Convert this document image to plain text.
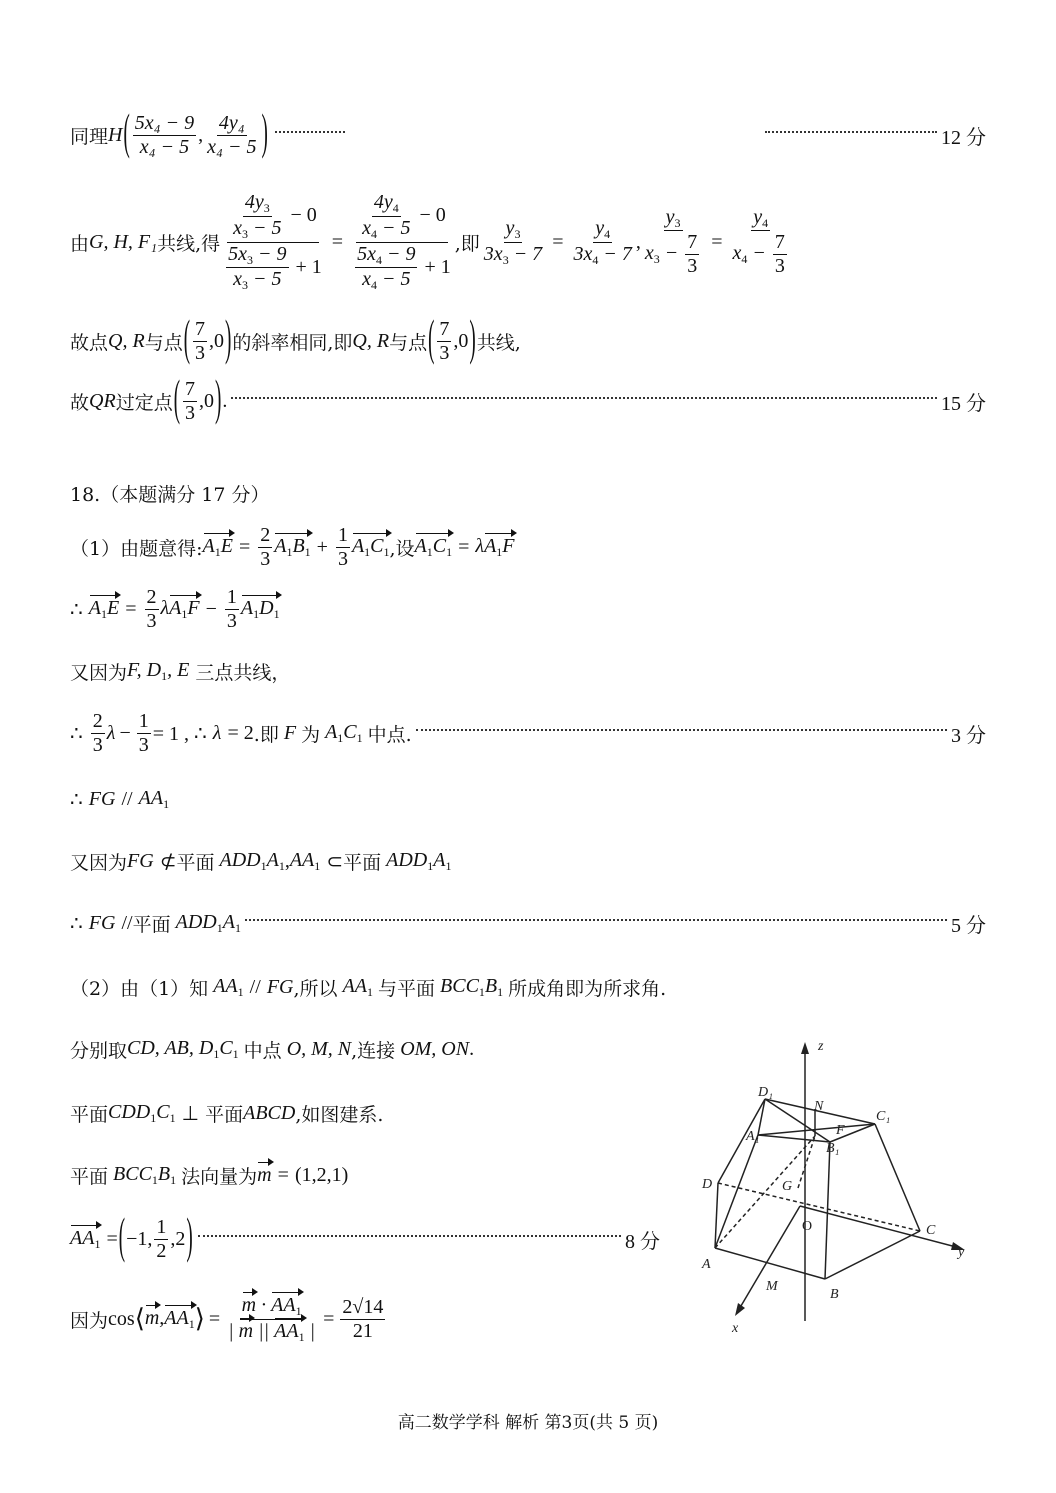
同理 H ( $\frac{\text{5x₄ − 9}}{\text{x₄ − 5}}$ , $\frac{\text{4y₄}}{\text{x₄ − 5}}$ )	12 分
由 G, H, F₁ 共线,得 $\frac{\frac{4y_3}{x_3 - 5} - 0}{\frac{5x_3 - 9}{x_3 - 5} + 1} = \frac{\frac{4y_4}{x_4 - 5} - 0}{\frac{5x_4 - 9}{x_4 - 5} + 1}$ ,即 $\frac{y_3}{3x_3 - 7} = \frac{y_4}{3x_4 - 7}$ , $\frac{y_3}{x_3 - \frac{7}{3}} = \frac{y_4}{x_4 - \frac{7}{3}}$
故点 Q, R 与点 ( $\frac{7}{3} ,0$ ) 的斜率相同,即 Q, R 与点 ( $\frac{7}{3} ,0$ ) 共线,
故 QR 过定点 ( $\frac{7}{3} ,0$ ) .	15 分
18.（本题满分 17 分）
（1）由题意得: $A_1E = \frac{2}{3} A_1B_1 + \frac{1}{3} A_1C_1$ ,设 $A_1C_1 = \lambda A_1F$
∴
$A_1E = \frac{2}{3} \lambda A_1F - \frac{1}{3} A_1D_1$
又因为 F, $D_1$, E
三点共线，
∴
$\frac{2}{3}$ $\lambda - \frac{1}{3} = 1$ , ∴
λ
= 2 .即 F 为 $A_1C_1$ 中点.	3 分
∴
FG
//
$AA_1$
又因为 FG
⊄ 平面 $ADD_1A_1$ , $AA_1$
⊂ 平面 $ADD_1A_1$
∴
FG
// 平面 $ADD_1A_1$	5 分
（2）由（1）知 $AA_1$
//
FG ,所以 $AA_1$ 与平面 $BCC_1B_1$ 所成角即为所求角.
分别取 CD, AB, $D_1C_1$ 中点 O, M, N ,连接 OM, ON .
平面 $CDD_1C_1$
⊥
平面 ABCD ,如图建系.
平面 $BCC_1B_1$ 法向量为 m
=
(1,2,1)
$AA_1$
= ( −1, $\frac{1}{2} ,2$ )	8 分
因为 cos ⟨ $m,AA_1$ ⟩ = $\frac{m \cdot AA_1}{| m || AA_1 |} = \frac{2√14}{21}$
z
D₁
N
C₁
A₁	F
B₁
D	G
O	C
y
A
M
B
x
高二数学学科 解析 第3页(共 5 页)
